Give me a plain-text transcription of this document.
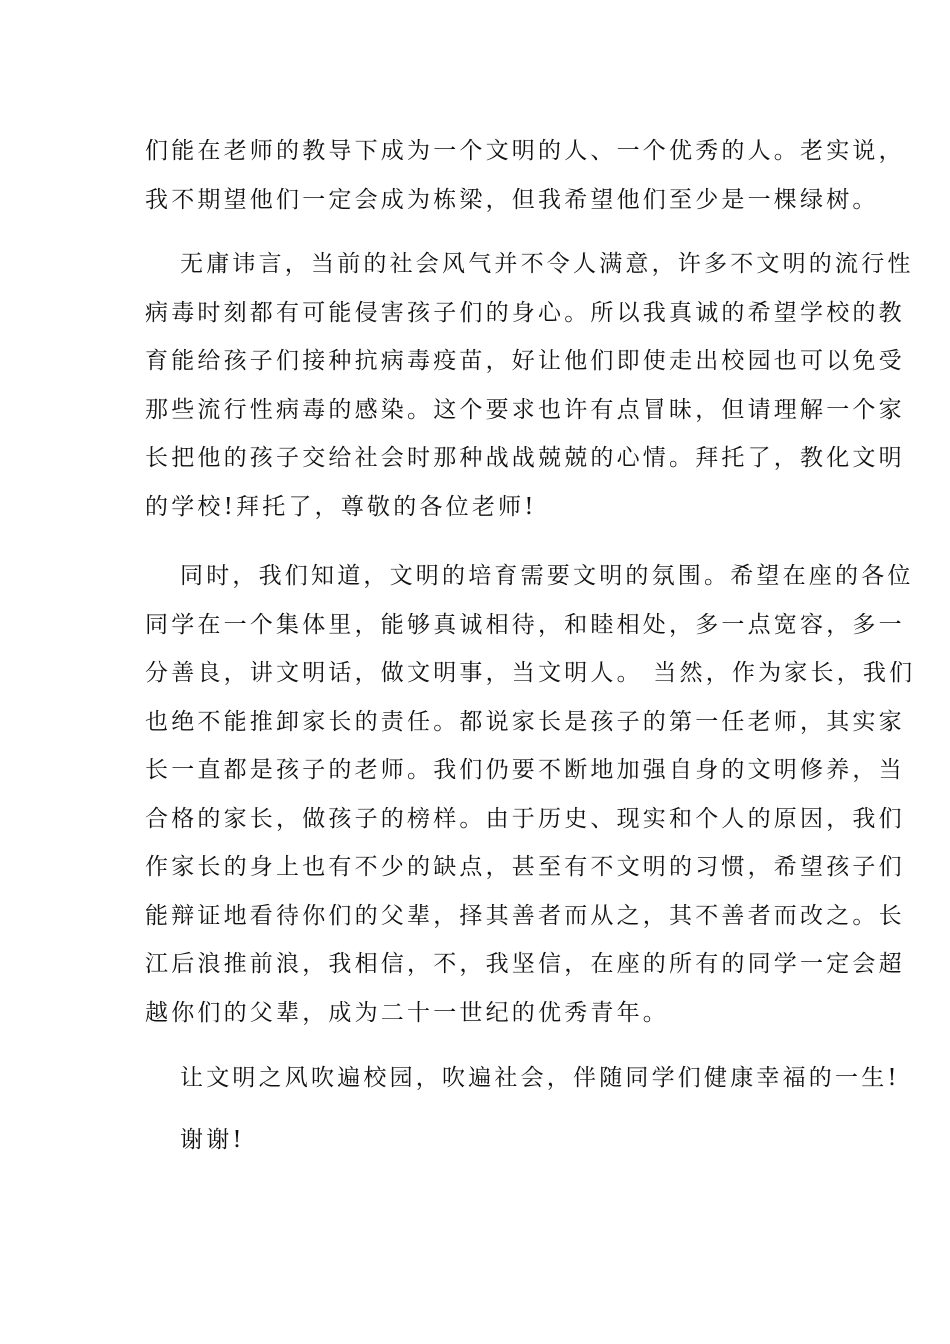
们能在老师的教导下成为一个文明的人、一个优秀的人。老实说，
我不期望他们一定会成为栋梁，但我希望他们至少是一棵绿树。
无庸讳言，当前的社会风气并不令人满意，许多不文明的流行性
病毒时刻都有可能侵害孩子们的身心。所以我真诚的希望学校的教
育能给孩子们接种抗病毒疫苗，好让他们即使走出校园也可以免受
那些流行性病毒的感染。这个要求也许有点冒昧，但请理解一个家
长把他的孩子交给社会时那种战战兢兢的心情。拜托了，教化文明
的学校!拜托了，尊敬的各位老师!
同时，我们知道，文明的培育需要文明的氛围。希望在座的各位
同学在一个集体里，能够真诚相待，和睦相处，多一点宽容，多一
分善良，讲文明话，做文明事，当文明人。 当然，作为家长，我们
也绝不能推卸家长的责任。都说家长是孩子的第一任老师，其实家
长一直都是孩子的老师。我们仍要不断地加强自身的文明修养，当
合格的家长，做孩子的榜样。由于历史、现实和个人的原因，我们
作家长的身上也有不少的缺点，甚至有不文明的习惯，希望孩子们
能辩证地看待你们的父辈，择其善者而从之，其不善者而改之。长
江后浪推前浪，我相信，不，我坚信，在座的所有的同学一定会超
越你们的父辈，成为二十一世纪的优秀青年。
让文明之风吹遍校园，吹遍社会，伴随同学们健康幸福的一生!
谢谢!
